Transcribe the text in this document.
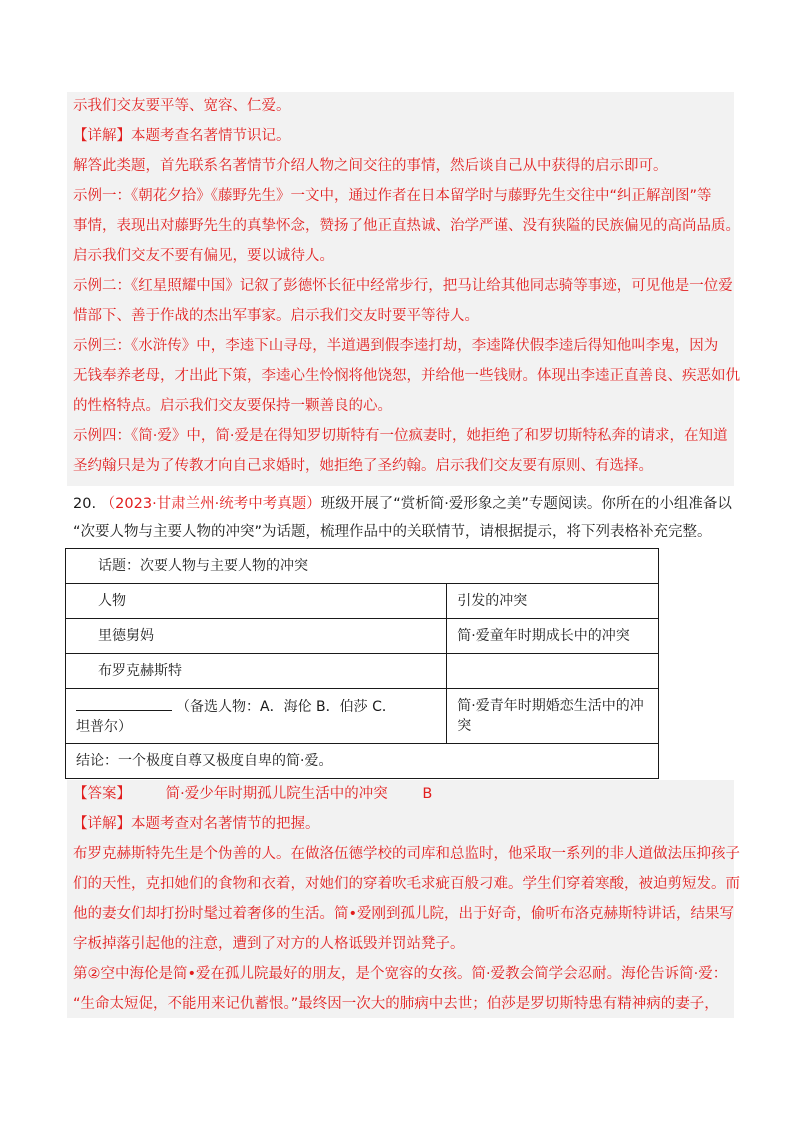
示我们交友要平等、宽容、仁爱。
【详解】本题考查名著情节识记。
解答此类题，首先联系名著情节介绍人物之间交往的事情，然后谈自己从中获得的启示即可。
示例一：《朝花夕拾》《藤野先生》一文中，通过作者在日本留学时与藤野先生交往中“纠正解剖图”等
事情，表现出对藤野先生的真挚怀念，赞扬了他正直热诚、治学严谨、没有狭隘的民族偏见的高尚品质。
启示我们交友不要有偏见，要以诚待人。
示例二：《红星照耀中国》记叙了彭德怀长征中经常步行，把马让给其他同志骑等事迹，可见他是一位爱
惜部下、善于作战的杰出军事家。启示我们交友时要平等待人。
示例三：《水浒传》中，李逵下山寻母，半道遇到假李逵打劫，李逵降伏假李逵后得知他叫李鬼，因为
无钱奉养老母，才出此下策，李逵心生怜悯将他饶恕，并给他一些钱财。体现出李逵正直善良、疾恶如仇
的性格特点。启示我们交友要保持一颗善良的心。
示例四：《简·爱》中，简·爱是在得知罗切斯特有一位疯妻时，她拒绝了和罗切斯特私奔的请求，在知道
圣约翰只是为了传教才向自己求婚时，她拒绝了圣约翰。启示我们交友要有原则、有选择。
20. （2023·甘肃兰州·统考中考真题）班级开展了“赏析简·爱形象之美”专题阅读。你所在的小组准备以
“次要人物与主要人物的冲突”为话题，梳理作品中的关联情节，请根据提示，将下列表格补充完整。
话题：次要人物与主要人物的冲突	
人物	引发的冲突
里德舅妈	简·爱童年时期成长中的冲突
布罗克赫斯特	
（备选人物：A．海伦 B．伯莎 C．
坦普尔）	简·爱青年时期婚恋生活中的冲突
结论：一个极度自尊又极度自卑的简·爱。	
【答案】 简·爱少年时期孤儿院生活中的冲突 B
【详解】本题考查对名著情节的把握。
布罗克赫斯特先生是个伪善的人。在做洛伍德学校的司库和总监时，他采取一系列的非人道做法压抑孩子
们的天性，克扣她们的食物和衣着，对她们的穿着吹毛求疵百般刁难。学生们穿着寒酸，被迫剪短发。而
他的妻女们却打扮时髦过着奢侈的生活。简•爱刚到孤儿院，出于好奇，偷听布洛克赫斯特讲话，结果写
字板掉落引起他的注意，遭到了对方的人格诋毁并罚站凳子。
第②空中海伦是简•爱在孤儿院最好的朋友，是个宽容的女孩。简·爱教会简学会忍耐。海伦告诉简·爱：
“生命太短促，不能用来记仇蓄恨。”最终因一次大的肺病中去世；伯莎是罗切斯特患有精神病的妻子，
